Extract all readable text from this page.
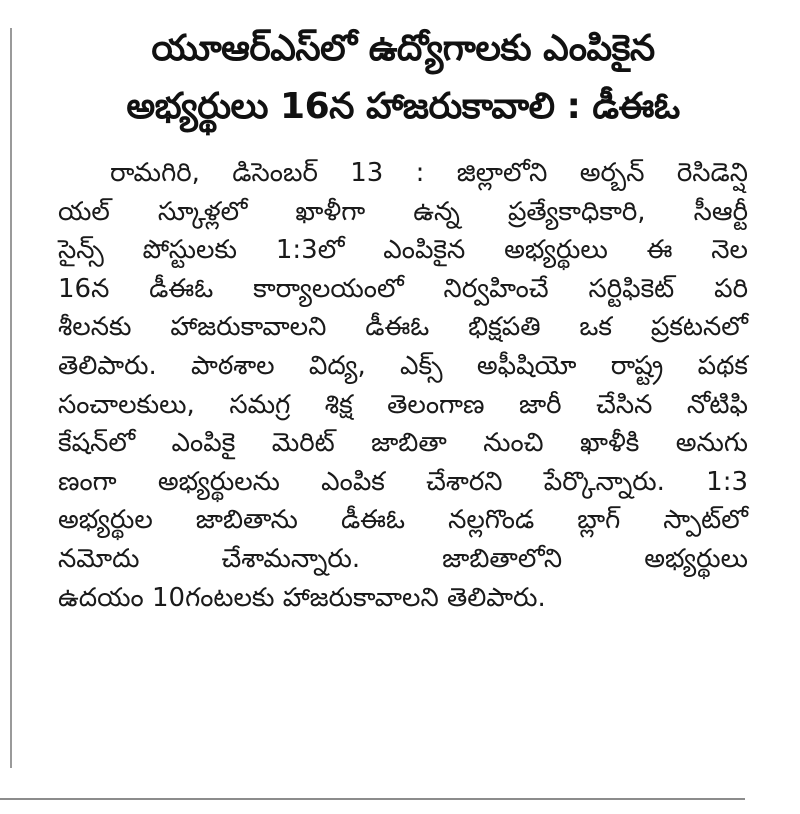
యూఆర్ఎస్‌లో ఉద్యోగాలకు ఎంపికైన
అభ్యర్థులు 16న హాజరుకావాలి : డీఈఓ
రామగిరి, డిసెంబర్ 13 : జిల్లాలోని అర్బన్ రెసిడెన్షి
యల్ స్కూళ్లలో ఖాళీగా ఉన్న ప్రత్యేకాధికారి, సీఆర్టీ
సైన్స్ పోస్టులకు 1:3లో ఎంపికైన అభ్యర్థులు ఈ నెల
16న డీఈఓ కార్యాలయంలో నిర్వహించే సర్టిఫికెట్ పరి
శీలనకు హాజరుకావాలని డీఈఓ భిక్షపతి ఒక ప్రకటనలో
తెలిపారు. పాఠశాల విద్య, ఎక్స్ అఫీషియో రాష్ట్ర పథక
సంచాలకులు, సమగ్ర శిక్ష తెలంగాణ జారీ చేసిన నోటిఫి
కేషన్‌లో ఎంపికై మెరిట్ జాబితా నుంచి ఖాళీకి అనుగు
ణంగా అభ్యర్థులను ఎంపిక చేశారని పేర్కొన్నారు. 1:3
అభ్యర్థుల జాబితాను డీఈఓ నల్లగొండ బ్లాగ్ స్పాట్‌లో
నమోదు చేశామన్నారు. జాబితాలోని అభ్యర్థులు
ఉదయం 10గంటలకు హాజరుకావాలని తెలిపారు.
